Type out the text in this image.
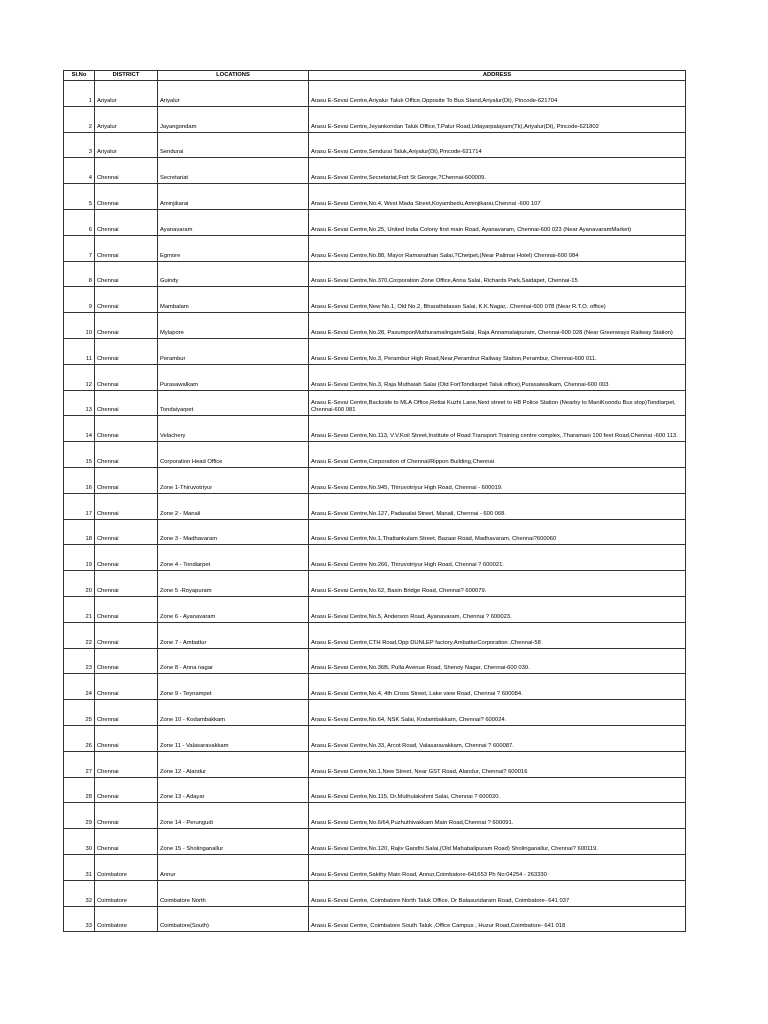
Sl.No	DISTRICT	LOCATIONS	ADDRESS
1	Ariyalur	Ariyalur	Arasu E-Sevai Centre,Ariyalur Taluk Office,Opposite To Bus Stand,Ariyalur(Dt), Pincode-621704
2	Ariyalur	Jayangondam	Arasu E-Sevai Centre,Jeyankondan Taluk Office,T.Palur Road,Udayarpalayam(Tk),Ariyalur(Dt), Pincode-621802
3	Ariyalur	Sendurai	Arasu E-Sevai Centre,Sendurai Taluk,Ariyalur(Dt),Pincode-621714
4	Chennai	Secretariat	Arasu E-Sevai Centre,Secretariat,Fort St George,?Chennai-600009.
5	Chennai	Aminjikarai	Arasu E-Sevai Centre,No.4, West Mada Street,Koyambedu,Aminjikarai,Chennai -600 107
6	Chennai	Ayanavaram	Arasu E-Sevai Centre,No.25, United India Colony first main Road, Ayanavaram, Chennai-600 023 (Near AyanavaramMarket)
7	Chennai	Egmore	Arasu E-Sevai Centre,No.88, Mayor Ramanathan Salai,?Chetpet,(Near Palimar Hotel) Chennai-600 084
8	Chennai	Guindy	Arasu E-Sevai Centre,No.370,Corporation Zone Office,Anna Salai, Richards Park,Saidapet, Chennai-15
9	Chennai	Mambalam	Arasu E-Sevai Centre,New No.1, Old No.2, Bharathidasan Salai, K.K.Nagar,. Chennai-600 078 (Near R.T.O. office)
10	Chennai	Mylapore	Arasu E-Sevai Centre,No.28, PasumponMuthuramalingamSalai, Raja Annamalaipuram, Chennai-600 028 (Near Greenways Railway Station)
11	Chennai	Perambur	Arasu E-Sevai Centre,No.3, Perambur High Road,Near,Perambur Railway Station,Perambur, Chennai-600 011.
12	Chennai	Purasawalkam	Arasu E-Sevai Centre,No.3, Raja Muthaiah Salai (Old FortTondiarpet Taluk office),Purasaiwalkam, Chennai-600 003
13	Chennai	Tondaiyarpet	Arasu E-Sevai Centre,Backside to MLA Office,Rettai Kuzhi Lane,Next street to H8 Police Station (Nearby to ManiKoondu Bus stop)Tondiarpet, Chennai-600 081
14	Chennai	Velachery	Arasu E-Sevai Centre,No.113, V.V.Koil Street,Institute of Road Transport Training centre complex,.Tharamani 100 feet Road,Chennai -600 113.
15	Chennai	Corporation Head Office	Arasu E-Sevai Centre,Corporation of Chennai/Rippon Building,Chennai
16	Chennai	Zone 1-Thiruvotriyur	Arasu E-Sevai Centre,No.945, Thiruvotriyur High Road, Chennai - 600019.
17	Chennai	Zone 2 - Manali	Arasu E-Sevai Centre,No.127, Padasalai Street, Manali, Chennai - 600 068.
18	Chennai	Zone 3 - Madhavaram	Arasu E-Sevai Centre,No.1,Thattankulam Street, Bazaar Road, Madhavaram, Chennai?600060
19	Chennai	Zone 4 - Tondiarpet	Arasu E-Sevai Centre No.266, Thiruvotriyur High Road, Chennai ? 600021.
20	Chennai	Zone 5 -Royapuram	Arasu E-Sevai Centre,No.62, Basin Bridge Road, Chennai? 600079.
21	Chennai	Zone 6 - Ayanavaram	Arasu E-Sevai Centre,No.5, Anderson Road, Ayanavaram, Chennai ? 600023.
22	Chennai	Zone 7 - Ambattur	Arasu E-Sevai Centre,CTH Road,Opp DUNLEP factory,AmbatturCorporation ,Chennai-58
23	Chennai	Zone 8 - Anna nagar	Arasu E-Sevai Centre,No.36B, Pulla Avenue Road, Shenoy Nagar, Chennai-600 030.
24	Chennai	Zone 9 - Teynampet	Arasu E-Sevai Centre,No.4, 4th Cross Street, Lake view Road, Chennai ? 600084.
25	Chennai	Zone 10 - Kodambakkam	Arasu E-Sevai Centre,No.64, NSK Salai, Kodambakkam, Chennai? 600024.
26	Chennai	Zone 11 - Valasaravakkam	Arasu E-Sevai Centre,No.33, Arcot Road, Valasaravakkam, Chennai ? 600087.
27	Chennai	Zone 12 - Alandur	Arasu E-Sevai Centre,No.1,New Street, Near GST Road, Alandur, Chennai? 600016
28	Chennai	Zone 13 - Adayar	Arasu E-Sevai Centre,No.115, Dr.Muthulakshmi Salai, Chennai ? 600020.
29	Chennai	Zone 14 - Perungudi	Arasu E-Sevai Centre,No.6/64,Puzhuthivakkam Main Road,Chennai ? 600091.
30	Chennai	Zone 15 - Sholinganallur	Arasu E-Sevai Centre,No.120, Rajiv Gandhi Salai,(Old Mahabalipuram Road) Sholinganallur, Chennai? 600119.
31	Coimbatore	Annur	Arasu E-Sevai Centre,Sakthy Main Road, Annur,Coimbatore-641653 Ph No:04254 - 263330
32	Coimbatore	Coimbatore North	Arasu E-Sevai Centre, Coimbatore North Taluk Office, Dr Balasundaram Road, Coimbatore- 641 037
33	Coimbatore	Coimbatore(South)	Arasu E-Sevai Centre, Coimbatore South Taluk ,Office Campus , Huzur Road,Coimbatore- 641 018
